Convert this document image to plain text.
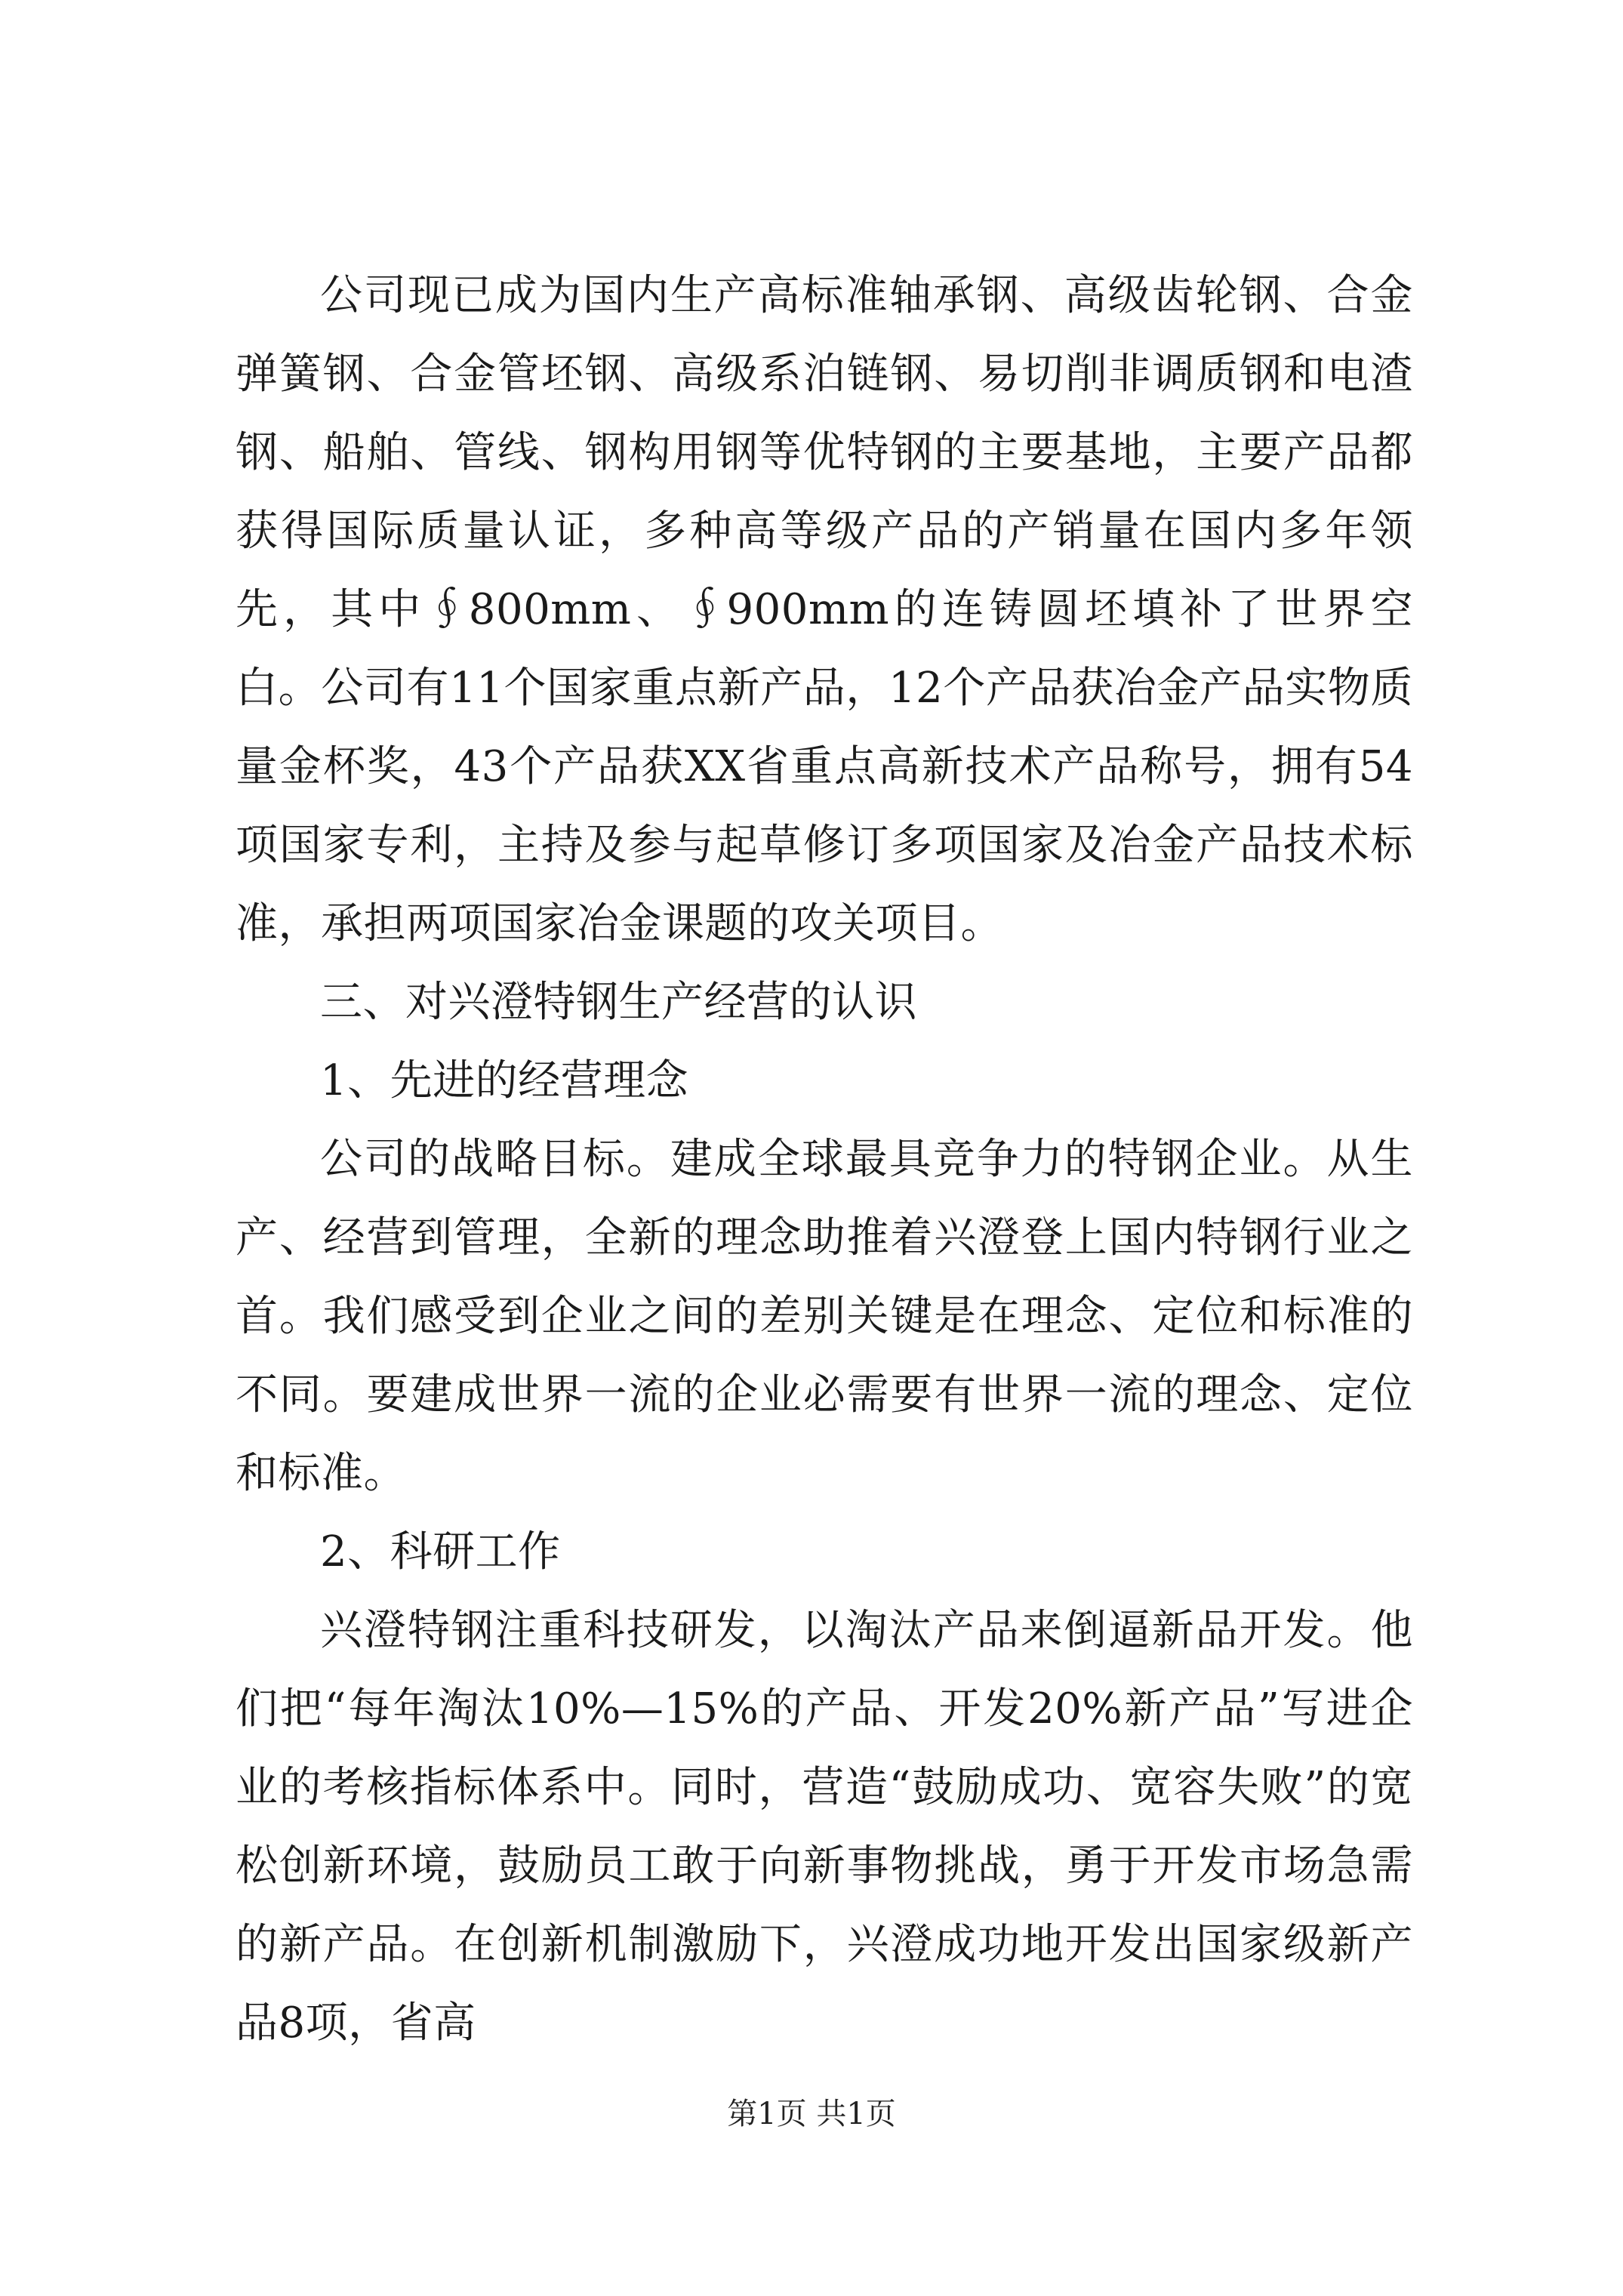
公司现已成为国内生产高标准轴承钢、高级齿轮钢、合金弹簧钢、合金管坯钢、高级系泊链钢、易切削非调质钢和电渣钢、船舶、管线、钢构用钢等优特钢的主要基地，主要产品都获得国际质量认证，多种高等级产品的产销量在国内多年领先，其中∮800mm、∮900mm的连铸圆坯填补了世界空白。公司有11个国家重点新产品，12个产品获冶金产品实物质量金杯奖，43个产品获XX省重点高新技术产品称号，拥有54项国家专利，主持及参与起草修订多项国家及冶金产品技术标准，承担两项国家冶金课题的攻关项目。

三、对兴澄特钢生产经营的认识

1、先进的经营理念

公司的战略目标。建成全球最具竞争力的特钢企业。从生产、经营到管理，全新的理念助推着兴澄登上国内特钢行业之首。我们感受到企业之间的差别关键是在理念、定位和标准的不同。要建成世界一流的企业必需要有世界一流的理念、定位和标准。

2、科研工作

兴澄特钢注重科技研发，以淘汰产品来倒逼新品开发。他们把“每年淘汰10%—15%的产品、开发20%新产品”写进企业的考核指标体系中。同时，营造“鼓励成功、宽容失败”的宽松创新环境，鼓励员工敢于向新事物挑战，勇于开发市场急需的新产品。在创新机制激励下，兴澄成功地开发出国家级新产品8项，省高

第1页 共1页
